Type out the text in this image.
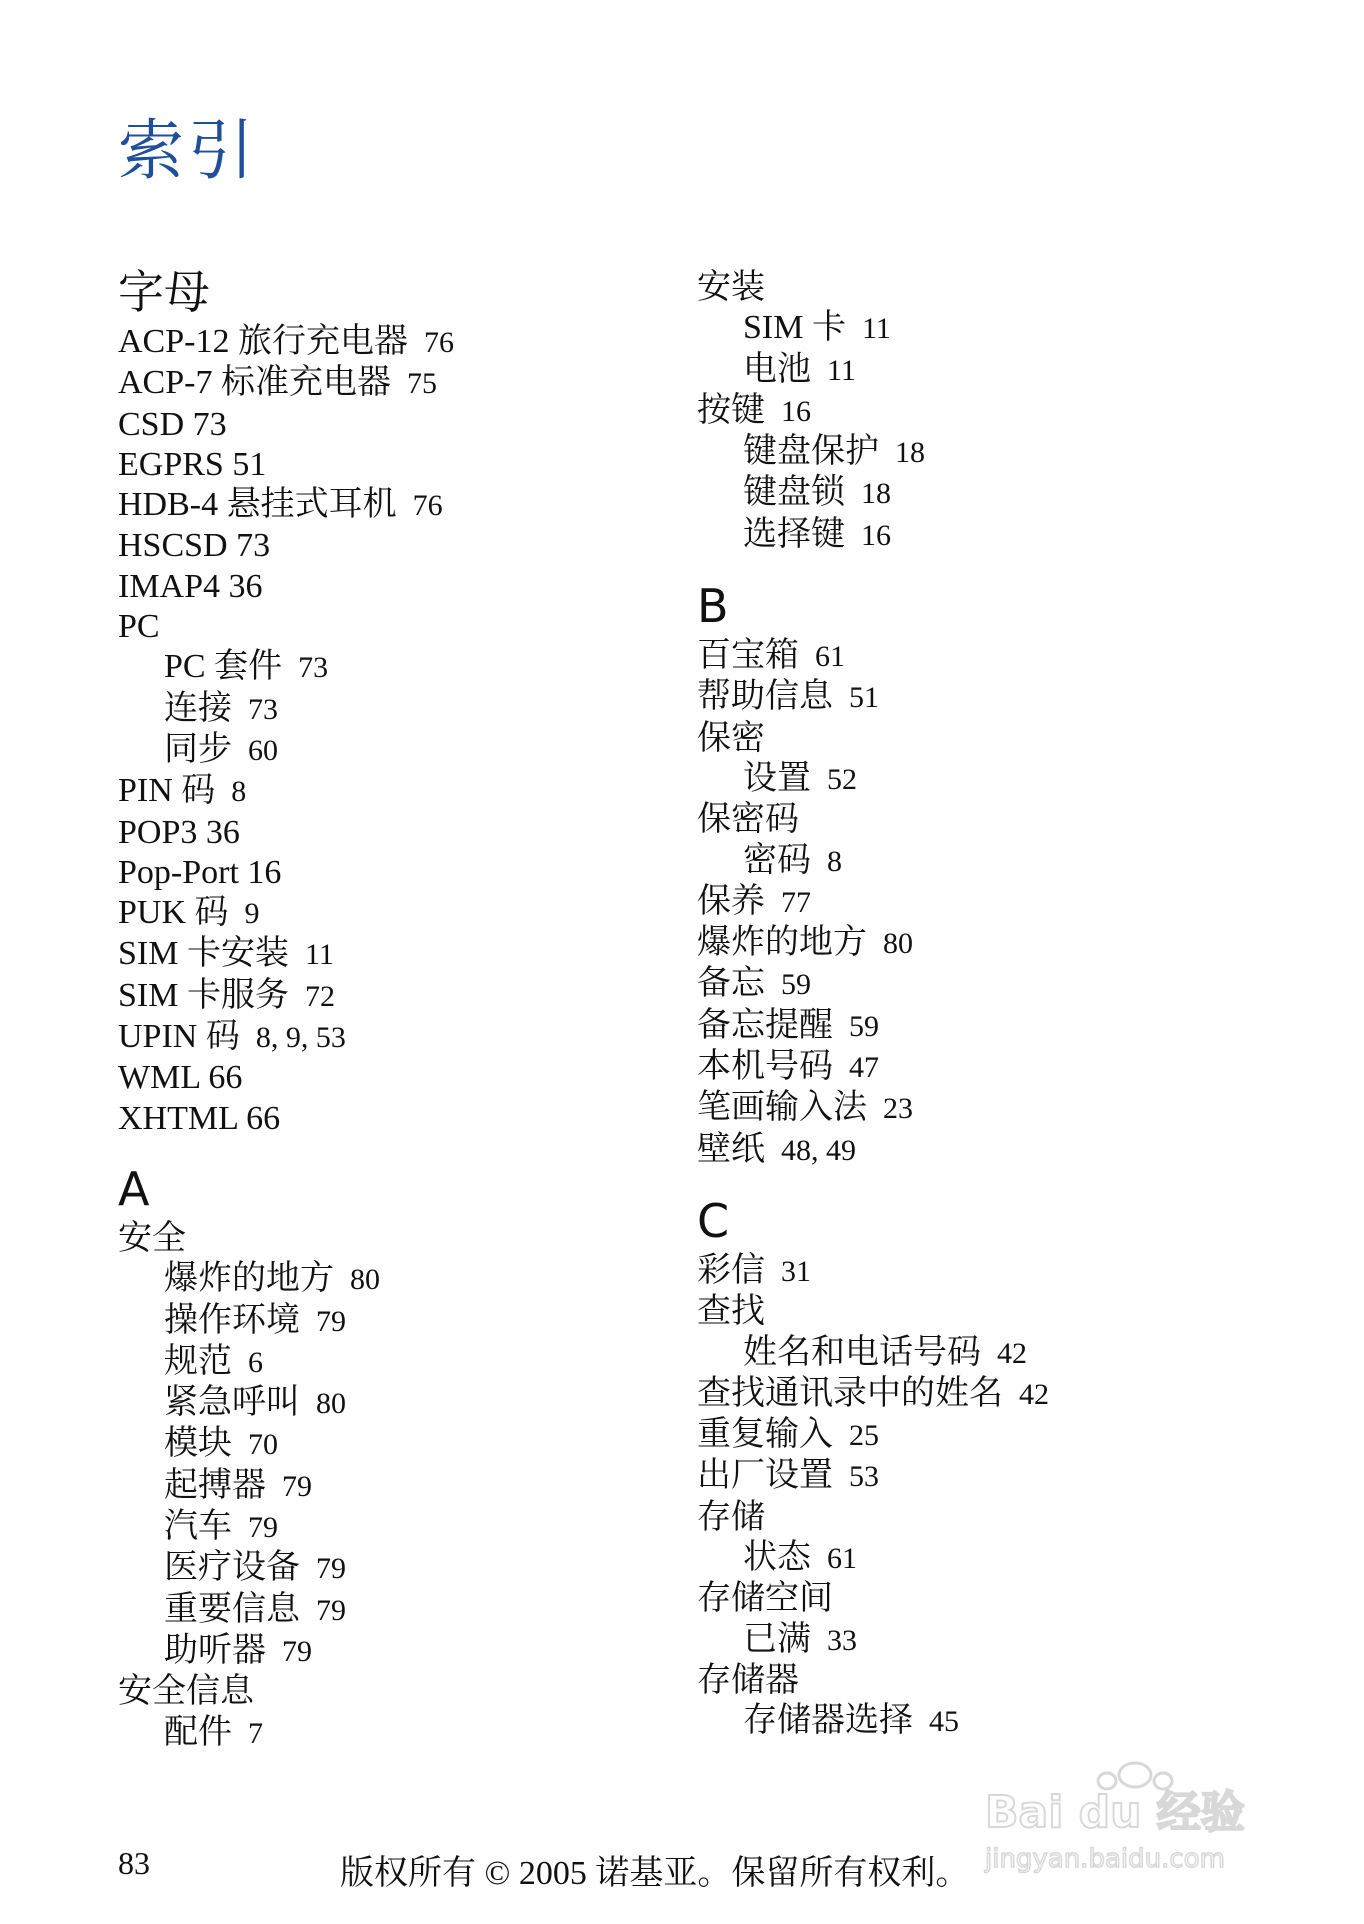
索引
字母
ACP-12 旅行充电器 76
ACP-7 标准充电器 75
CSD 73
EGPRS 51
HDB-4 悬挂式耳机 76
HSCSD 73
IMAP4 36
PC
PC 套件 73
连接 73
同步 60
PIN 码 8
POP3 36
Pop-Port 16
PUK 码 9
SIM 卡安装 11
SIM 卡服务 72
UPIN 码 8, 9, 53
WML 66
XHTML 66
A
安全
爆炸的地方 80
操作环境 79
规范 6
紧急呼叫 80
模块 70
起搏器 79
汽车 79
医疗设备 79
重要信息 79
助听器 79
安全信息
配件 7
安装
SIM 卡 11
电池 11
按键 16
键盘保护 18
键盘锁 18
选择键 16
B
百宝箱 61
帮助信息 51
保密
设置 52
保密码
密码 8
保养 77
爆炸的地方 80
备忘 59
备忘提醒 59
本机号码 47
笔画输入法 23
壁纸 48, 49
C
彩信 31
查找
姓名和电话号码 42
查找通讯录中的姓名 42
重复输入 25
出厂设置 53
存储
状态 61
存储空间
已满 33
存储器
存储器选择 45
83	版权所有 © 2005 诺基亚。保留所有权利。
Bai du 经验
jingyan.baidu.com
